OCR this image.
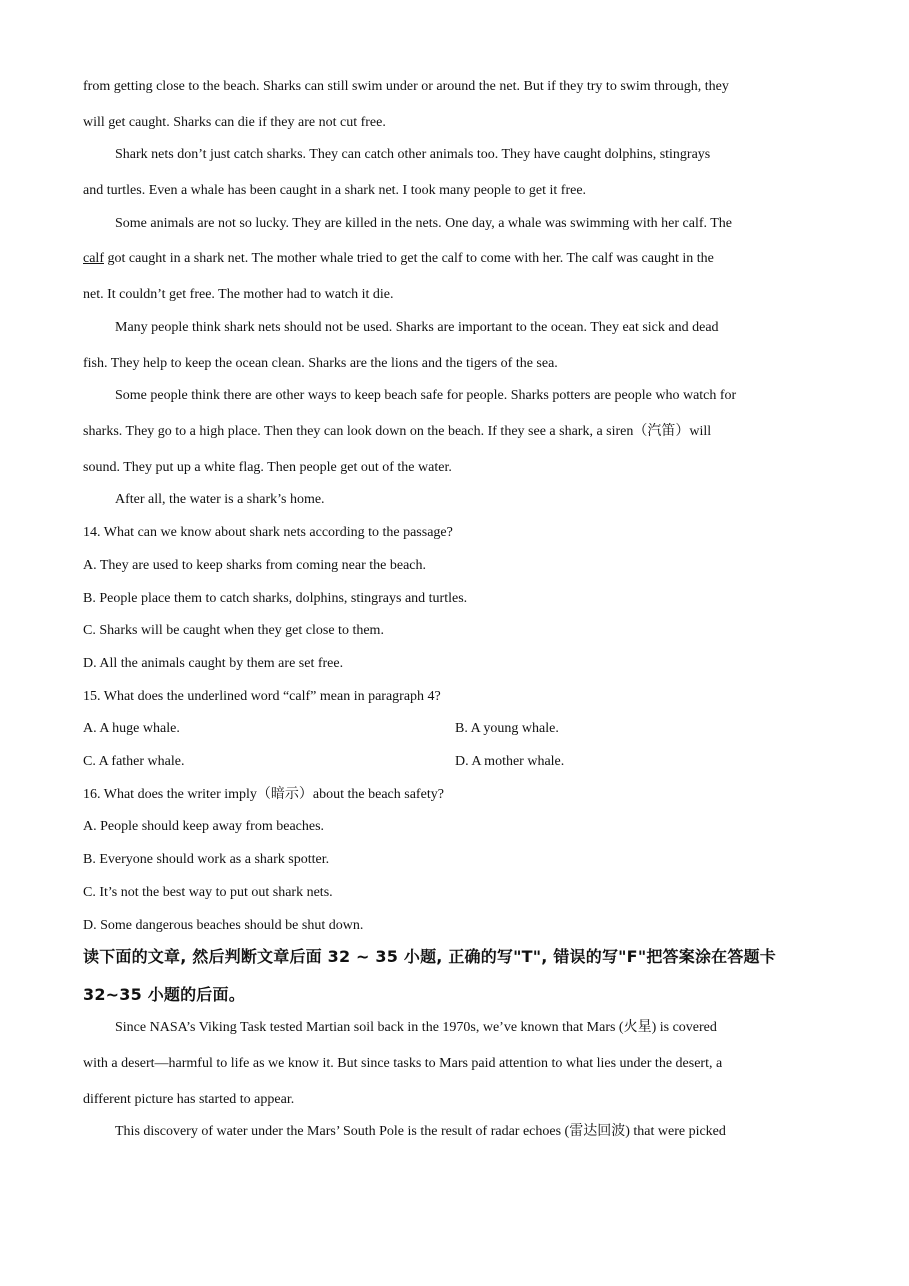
from getting close to the beach. Sharks can still swim under or around the net. But if they try to swim through, they
will get caught. Sharks can die if they are not cut free.
Shark nets don’t just catch sharks. They can catch other animals too. They have caught dolphins, stingrays
and turtles. Even a whale has been caught in a shark net. I took many people to get it free.
Some animals are not so lucky. They are killed in the nets. One day, a whale was swimming with her calf. The
calf got caught in a shark net. The mother whale tried to get the calf to come with her. The calf was caught in the
net. It couldn’t get free. The mother had to watch it die.
Many people think shark nets should not be used. Sharks are important to the ocean. They eat sick and dead
fish. They help to keep the ocean clean. Sharks are the lions and the tigers of the sea.
Some people think there are other ways to keep beach safe for people. Sharks potters are people who watch for
sharks. They go to a high place. Then they can look down on the beach. If they see a shark, a siren（汽笛）will
sound. They put up a white flag. Then people get out of the water.
After all, the water is a shark’s home.
14. What can we know about shark nets according to the passage?
A. They are used to keep sharks from coming near the beach.
B. People place them to catch sharks, dolphins, stingrays and turtles.
C. Sharks will be caught when they get close to them.
D. All the animals caught by them are set free.
15. What does the underlined word “calf” mean in paragraph 4?
A. A huge whale.	B. A young whale.
C. A father whale.	D. A mother whale.
16. What does the writer imply（暗示）about the beach safety?
A. People should keep away from beaches.
B. Everyone should work as a shark spotter.
C. It’s not the best way to put out shark nets.
D. Some dangerous beaches should be shut down.
读下面的文章, 然后判断文章后面 32 ~ 35 小题, 正确的写"T", 错误的写"F"把答案涂在答题卡
32~35 小题的后面。
Since NASA’s Viking Task tested Martian soil back in the 1970s, we’ve known that Mars (火星) is covered
with a desert—harmful to life as we know it. But since tasks to Mars paid attention to what lies under the desert, a
different picture has started to appear.
This discovery of water under the Mars’ South Pole is the result of radar echoes (雷达回波) that were picked
